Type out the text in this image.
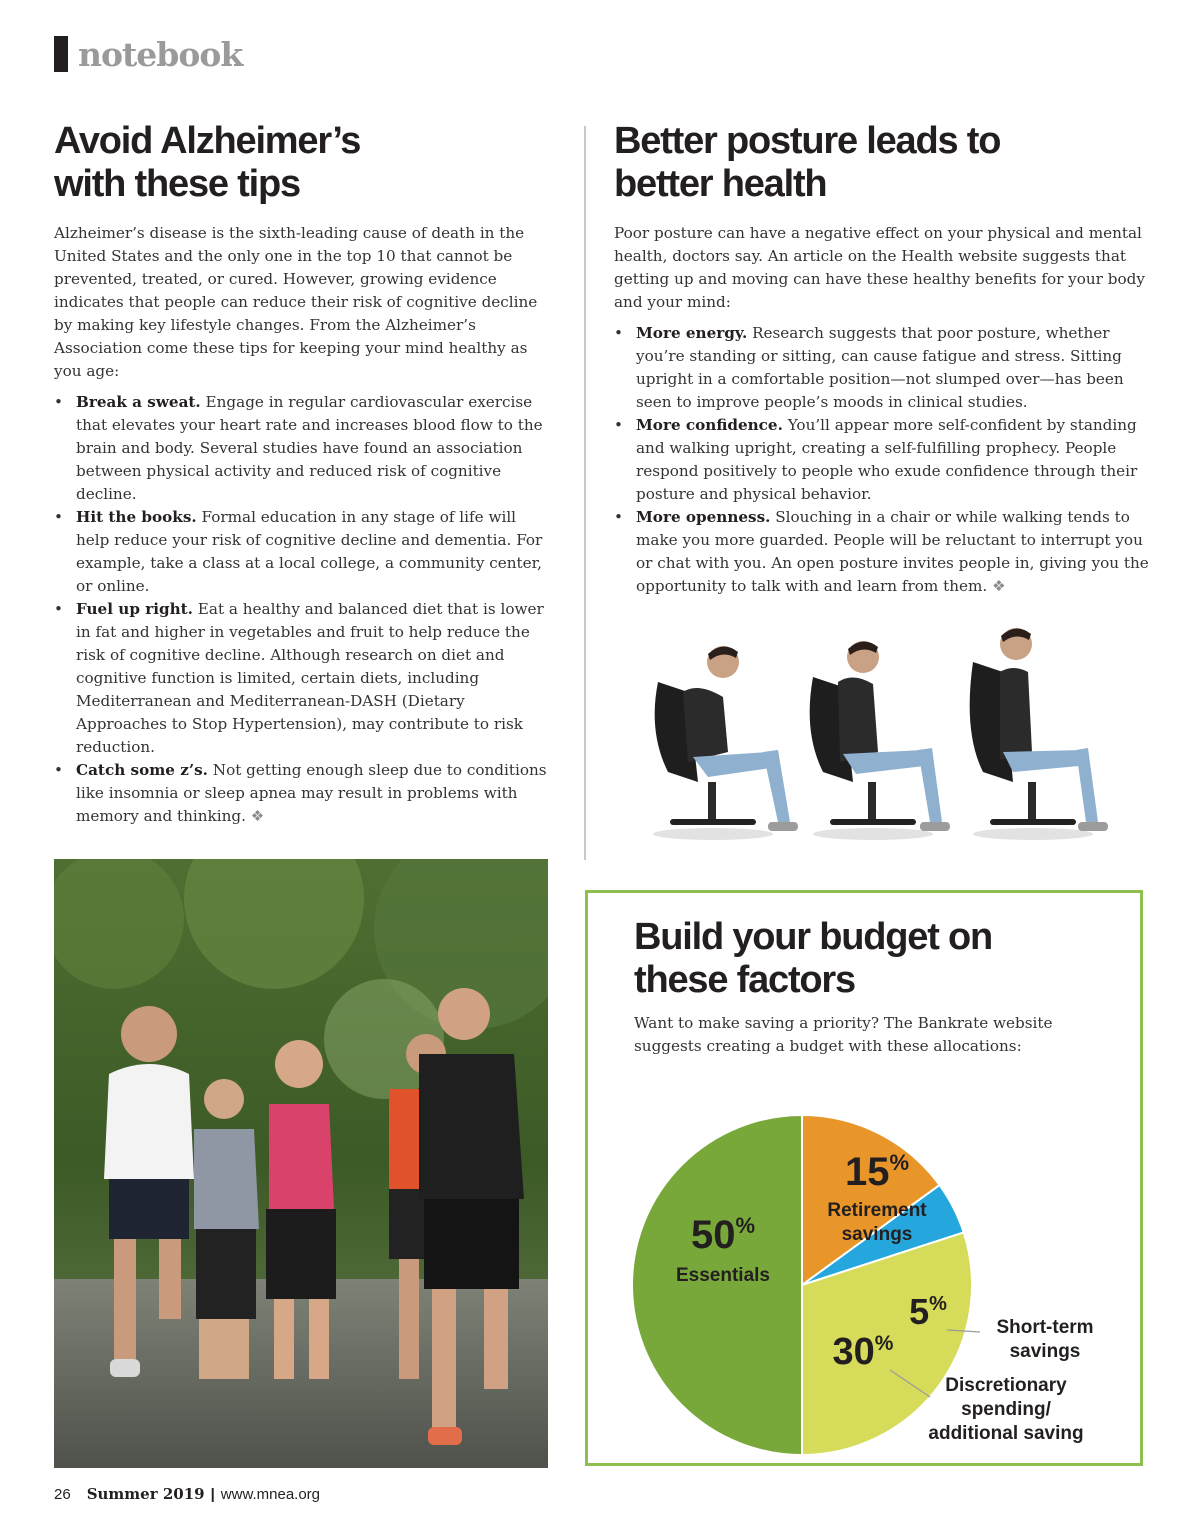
notebook
Avoid Alzheimer’s
with these tips

Alzheimer’s disease is the sixth-leading cause of death in the United States and the only one in the top 10 that cannot be prevented, treated, or cured. However, growing evidence indicates that people can reduce their risk of cognitive decline by making key lifestyle changes. From the Alzheimer’s Association come these tips for keeping your mind healthy as you age:

• Break a sweat. Engage in regular cardiovascular exercise that elevates your heart rate and increases blood flow to the brain and body. Several studies have found an association between physical activity and reduced risk of cognitive decline.
• Hit the books. Formal education in any stage of life will help reduce your risk of cognitive decline and dementia. For example, take a class at a local college, a community center, or online.
• Fuel up right. Eat a healthy and balanced diet that is lower in fat and higher in vegetables and fruit to help reduce the risk of cognitive decline. Although research on diet and cognitive function is limited, certain diets, including Mediterranean and Mediterranean-DASH (Dietary Approaches to Stop Hypertension), may contribute to risk reduction.
• Catch some z’s. Not getting enough sleep due to conditions like insomnia or sleep apnea may result in problems with memory and thinking. ❖
Better posture leads to
better health

Poor posture can have a negative effect on your physical and mental health, doctors say. An article on the Health website suggests that getting up and moving can have these healthy benefits for your body and your mind:

• More energy. Research suggests that poor posture, whether you’re standing or sitting, can cause fatigue and stress. Sitting upright in a comfortable position—not slumped over—has been seen to improve people’s moods in clinical studies.
• More confidence. You’ll appear more self-confident by standing and walking upright, creating a self-fulfilling prophecy. People respond positively to people who exude confidence through their posture and physical behavior.
• More openness. Slouching in a chair or while walking tends to make you more guarded. People will be reluctant to interrupt you or chat with you. An open posture invites people in, giving you the opportunity to talk with and learn from them. ❖
Build your budget on
these factors

Want to make saving a priority? The Bankrate website suggests creating a budget with these allocations:

15%
Retirement savings
5%
Short-term savings
30%
Discretionary spending/ additional saving
50%
Essentials
26 Summer 2019 | www.mnea.org
